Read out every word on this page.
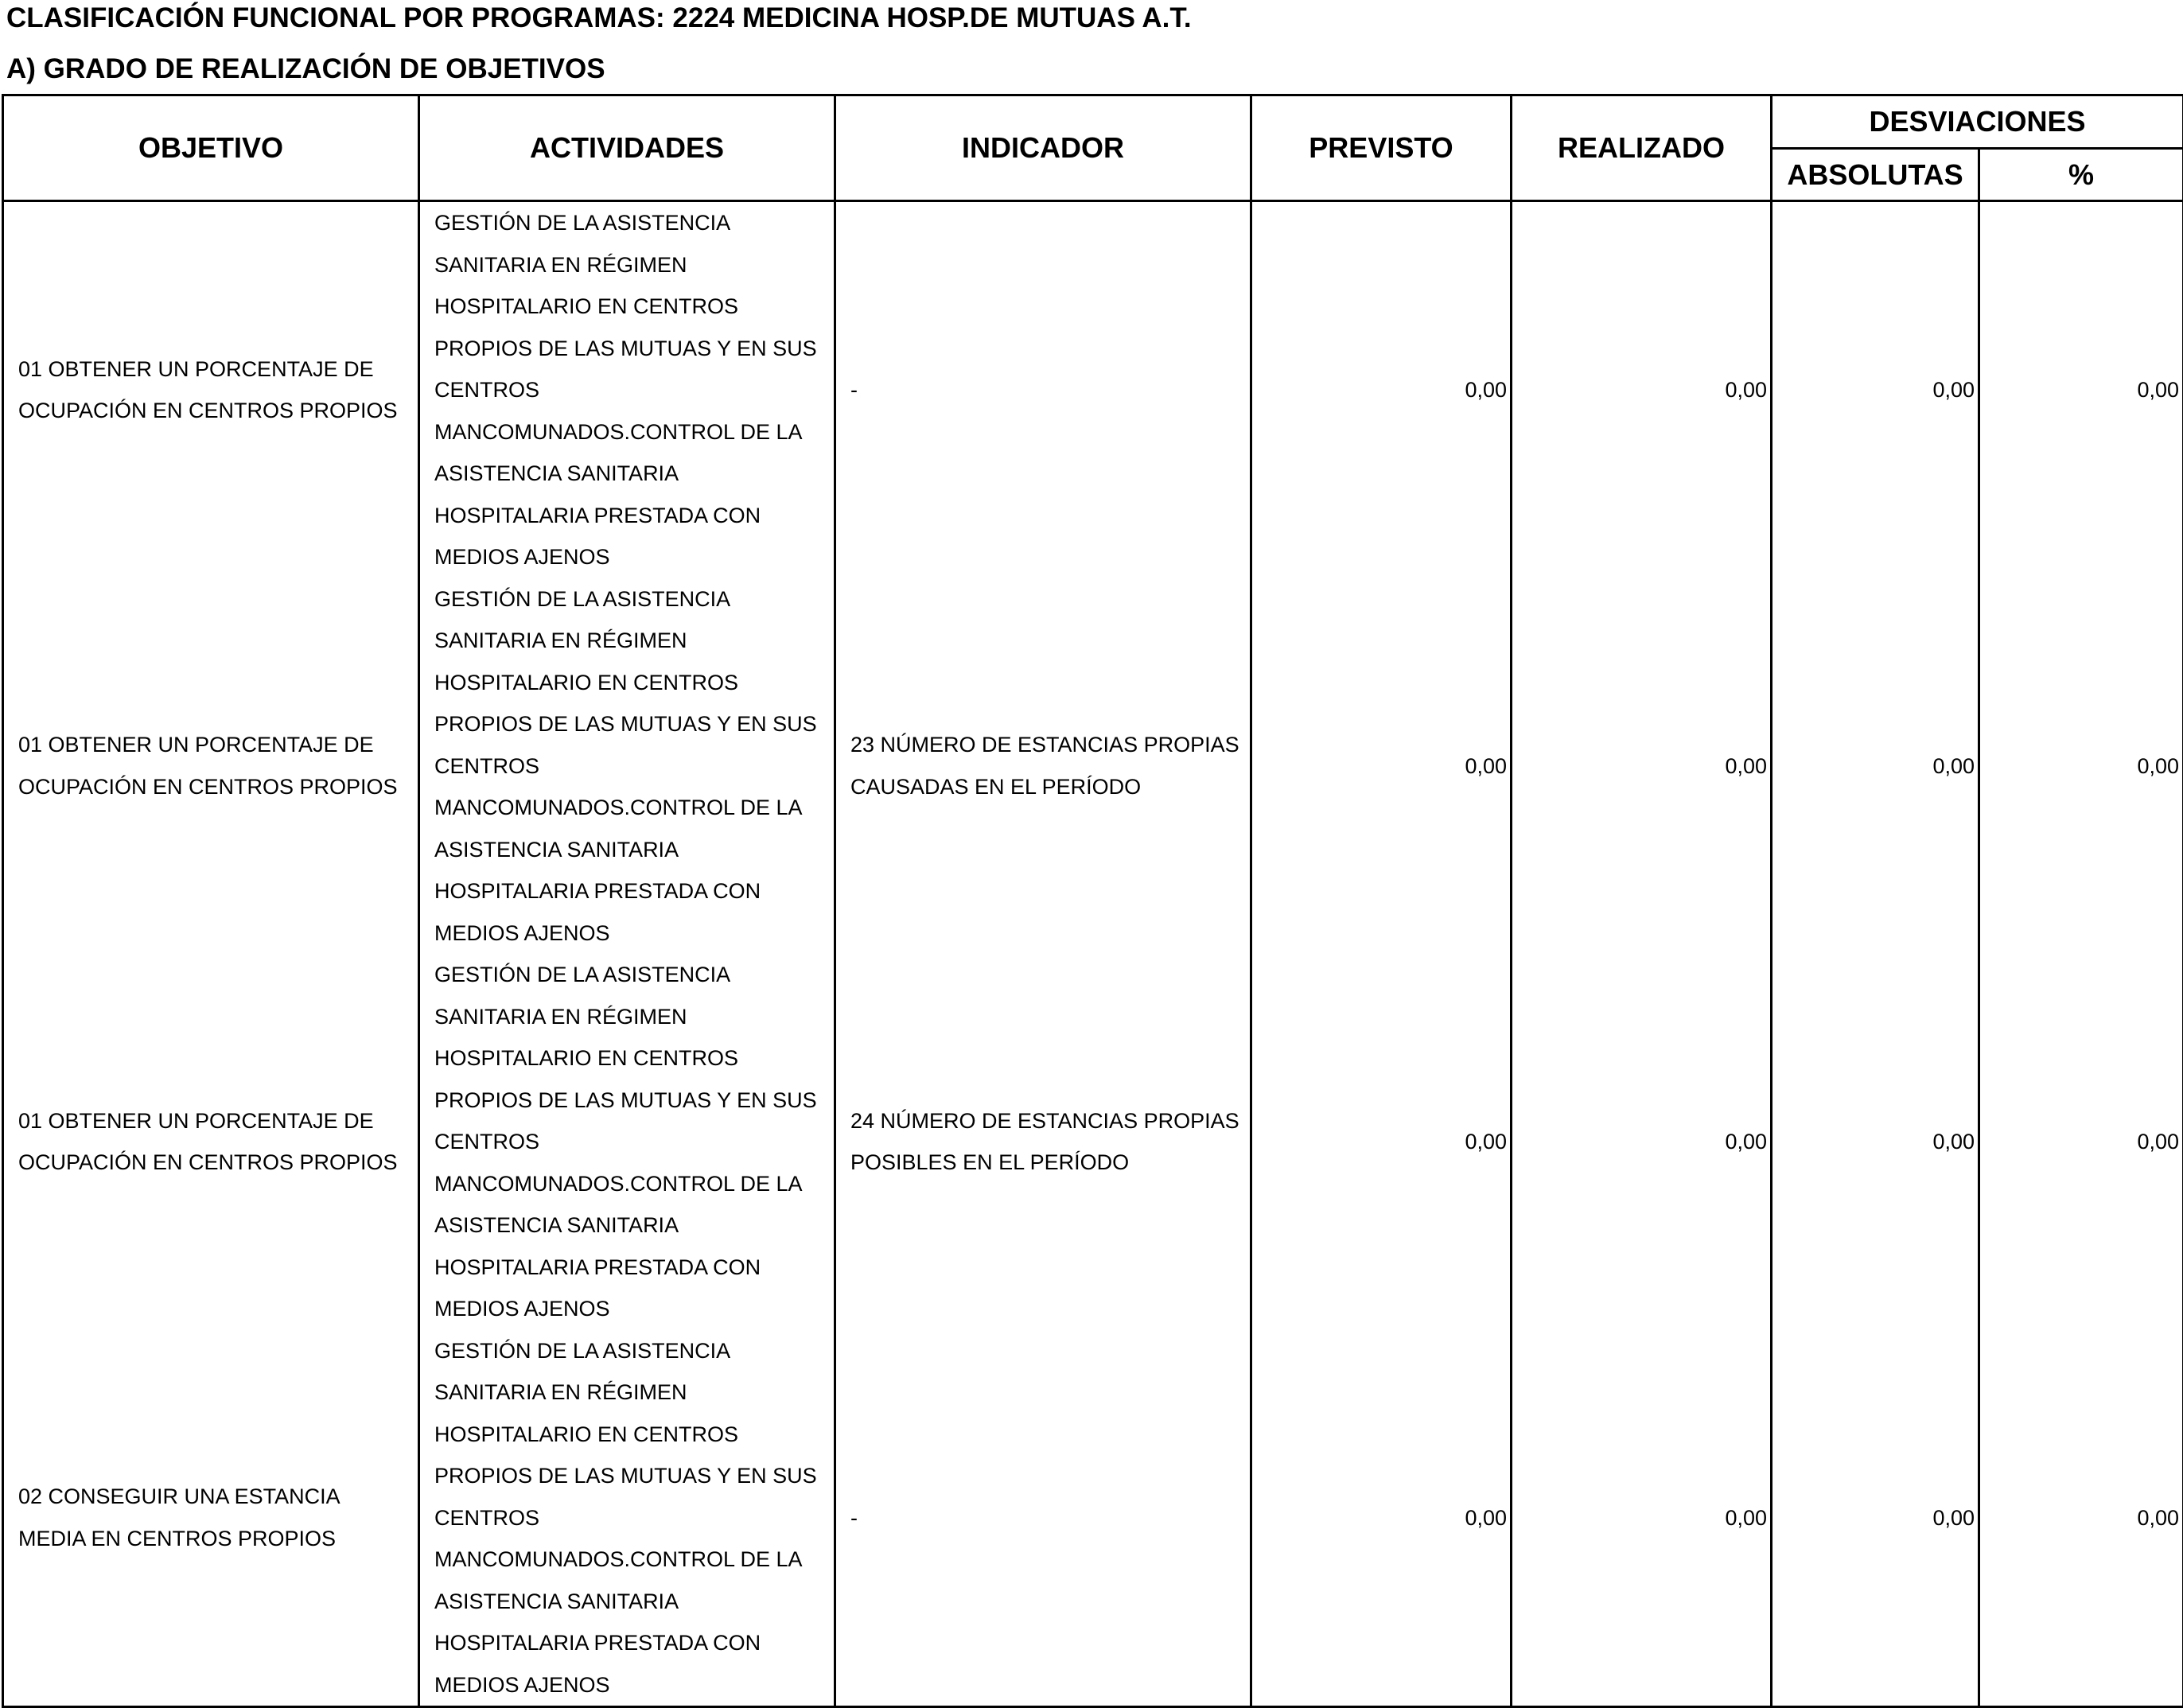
CLASIFICACIÓN FUNCIONAL POR PROGRAMAS: 2224 MEDICINA HOSP.DE MUTUAS A.T.
A) GRADO DE REALIZACIÓN DE OBJETIVOS
OBJETIVO	ACTIVIDADES	INDICADOR	PREVISTO	REALIZADO	DESVIACIONES	
					ABSOLUTAS	%
01 OBTENER UN PORCENTAJE DE OCUPACIÓN EN CENTROS PROPIOS	GESTIÓN DE LA ASISTENCIA SANITARIA EN RÉGIMEN HOSPITALARIO EN CENTROS PROPIOS DE LAS MUTUAS Y EN SUS CENTROS MANCOMUNADOS.CONTROL DE LA ASISTENCIA SANITARIA HOSPITALARIA PRESTADA CON MEDIOS AJENOS	-	0,00	0,00	0,00	0,00
01 OBTENER UN PORCENTAJE DE OCUPACIÓN EN CENTROS PROPIOS	GESTIÓN DE LA ASISTENCIA SANITARIA EN RÉGIMEN HOSPITALARIO EN CENTROS PROPIOS DE LAS MUTUAS Y EN SUS CENTROS MANCOMUNADOS.CONTROL DE LA ASISTENCIA SANITARIA HOSPITALARIA PRESTADA CON MEDIOS AJENOS	23 NÚMERO DE ESTANCIAS PROPIAS CAUSADAS EN EL PERÍODO	0,00	0,00	0,00	0,00
01 OBTENER UN PORCENTAJE DE OCUPACIÓN EN CENTROS PROPIOS	GESTIÓN DE LA ASISTENCIA SANITARIA EN RÉGIMEN HOSPITALARIO EN CENTROS PROPIOS DE LAS MUTUAS Y EN SUS CENTROS MANCOMUNADOS.CONTROL DE LA ASISTENCIA SANITARIA HOSPITALARIA PRESTADA CON MEDIOS AJENOS	24 NÚMERO DE ESTANCIAS PROPIAS POSIBLES EN EL PERÍODO	0,00	0,00	0,00	0,00
02 CONSEGUIR UNA ESTANCIA MEDIA EN CENTROS PROPIOS	GESTIÓN DE LA ASISTENCIA SANITARIA EN RÉGIMEN HOSPITALARIO EN CENTROS PROPIOS DE LAS MUTUAS Y EN SUS CENTROS MANCOMUNADOS.CONTROL DE LA ASISTENCIA SANITARIA HOSPITALARIA PRESTADA CON MEDIOS AJENOS	-	0,00	0,00	0,00	0,00
